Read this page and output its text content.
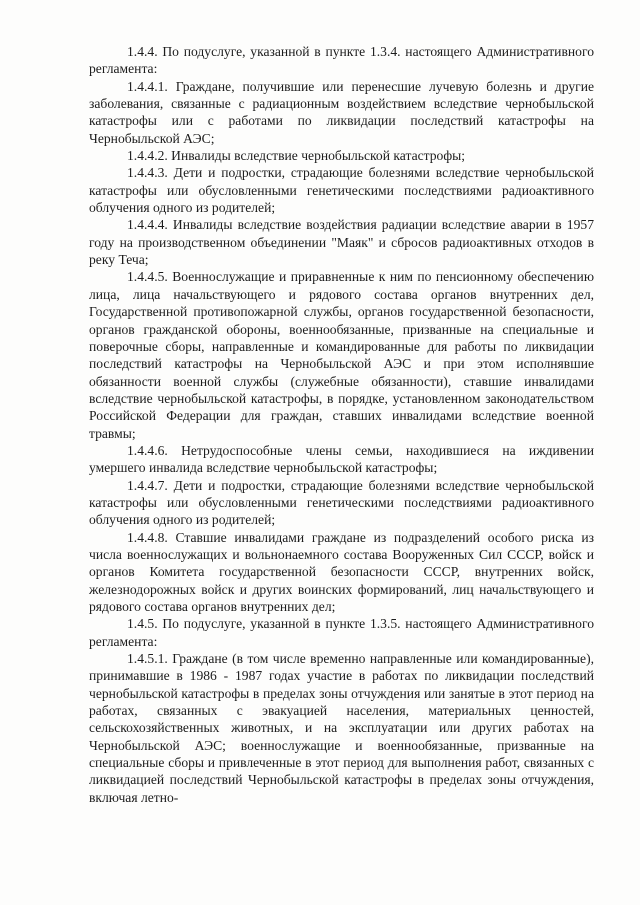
1.4.4. По подуслуге, указанной в пункте 1.3.4. настоящего Административного регламента:

1.4.4.1. Граждане, получившие или перенесшие лучевую болезнь и другие заболевания, связанные с радиационным воздействием вследствие чернобыльской катастрофы или с работами по ликвидации последствий катастрофы на Чернобыльской АЭС;

1.4.4.2. Инвалиды вследствие чернобыльской катастрофы;

1.4.4.3. Дети и подростки, страдающие болезнями вследствие чернобыльской катастрофы или обусловленными генетическими последствиями радиоактивного облучения одного из родителей;

1.4.4.4. Инвалиды вследствие воздействия радиации вследствие аварии в 1957 году на производственном объединении "Маяк" и сбросов радиоактивных отходов в реку Теча;

1.4.4.5. Военнослужащие и приравненные к ним по пенсионному обеспечению лица, лица начальствующего и рядового состава органов внутренних дел, Государственной противопожарной службы, органов государственной безопасности, органов гражданской обороны, военнообязанные, призванные на специальные и поверочные сборы, направленные и командированные для работы по ликвидации последствий катастрофы на Чернобыльской АЭС и при этом исполнявшие обязанности военной службы (служебные обязанности), ставшие инвалидами вследствие чернобыльской катастрофы, в порядке, установленном законодательством Российской Федерации для граждан, ставших инвалидами вследствие военной травмы;

1.4.4.6. Нетрудоспособные члены семьи, находившиеся на иждивении умершего инвалида вследствие чернобыльской катастрофы;

1.4.4.7. Дети и подростки, страдающие болезнями вследствие чернобыльской катастрофы или обусловленными генетическими последствиями радиоактивного облучения одного из родителей;

1.4.4.8. Ставшие инвалидами граждане из подразделений особого риска из числа военнослужащих и вольнонаемного состава Вооруженных Сил СССР, войск и органов Комитета государственной безопасности СССР, внутренних войск, железнодорожных войск и других воинских формирований, лиц начальствующего и рядового состава органов внутренних дел;

1.4.5. По подуслуге, указанной в пункте 1.3.5. настоящего Административного регламента:

1.4.5.1. Граждане (в том числе временно направленные или командированные), принимавшие в 1986 - 1987 годах участие в работах по ликвидации последствий чернобыльской катастрофы в пределах зоны отчуждения или занятые в этот период на работах, связанных с эвакуацией населения, материальных ценностей, сельскохозяйственных животных, и на эксплуатации или других работах на Чернобыльской АЭС; военнослужащие и военнообязанные, призванные на специальные сборы и привлеченные в этот период для выполнения работ, связанных с ликвидацией последствий Чернобыльской катастрофы в пределах зоны отчуждения, включая летно-
